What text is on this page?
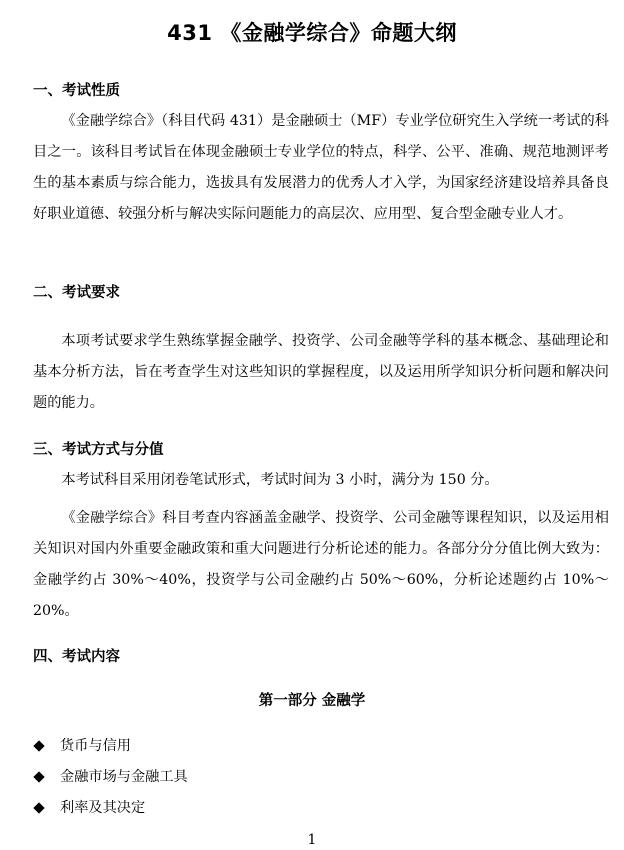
431 《金融学综合》命题大纲
一、考试性质
《金融学综合》（科目代码 431）是金融硕士（MF）专业学位研究生入学统一考试的科目之一。该科目考试旨在体现金融硕士专业学位的特点，科学、公平、准确、规范地测评考生的基本素质与综合能力，选拔具有发展潜力的优秀人才入学，为国家经济建设培养具备良好职业道德、较强分析与解决实际问题能力的高层次、应用型、复合型金融专业人才。
二、考试要求
本项考试要求学生熟练掌握金融学、投资学、公司金融等学科的基本概念、基础理论和基本分析方法，旨在考查学生对这些知识的掌握程度，以及运用所学知识分析问题和解决问题的能力。
三、考试方式与分值
本考试科目采用闭卷笔试形式，考试时间为 3 小时，满分为 150 分。
《金融学综合》科目考查内容涵盖金融学、投资学、公司金融等课程知识，以及运用相关知识对国内外重要金融政策和重大问题进行分析论述的能力。各部分分分值比例大致为：金融学约占 30%～40%，投资学与公司金融约占 50%～60%，分析论述题约占 10%～20%。
四、考试内容
第一部分 金融学
货币与信用
金融市场与金融工具
利率及其决定
1
